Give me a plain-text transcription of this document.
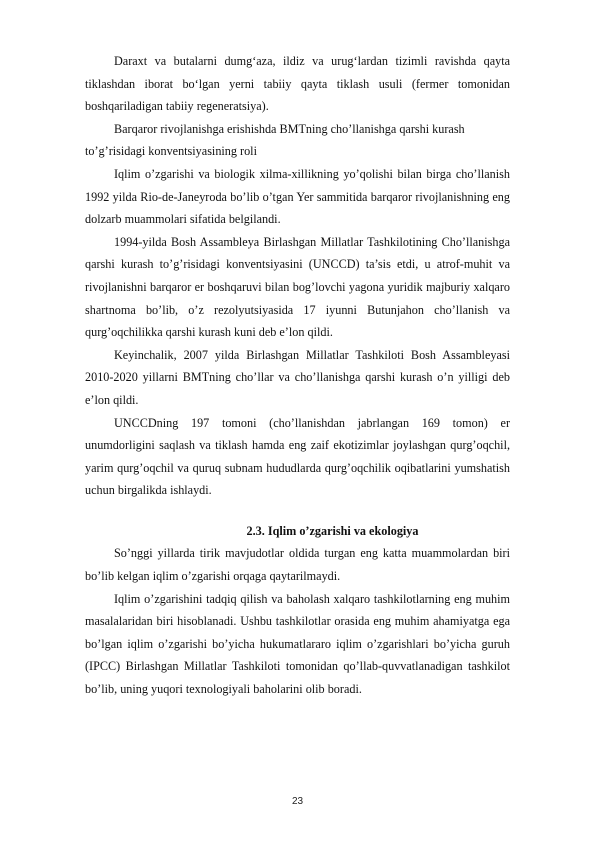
Daraxt va butalarni dumg‘aza, ildiz va urug‘lardan tizimli ravishda qayta tiklashdan iborat bo‘lgan yerni tabiiy qayta tiklash usuli (fermer tomonidan boshqariladigan tabiiy regeneratsiya).

Barqaror rivojlanishga erishishda BMTning cho’llanishga qarshi kurash to’g’risidagi konventsiyasining roli

Iqlim o’zgarishi va biologik xilma-xillikning yo’qolishi bilan birga cho’llanish 1992 yilda Rio-de-Janeyroda bo’lib o’tgan Yer sammitida barqaror rivojlanishning eng dolzarb muammolari sifatida belgilandi.

1994-yilda Bosh Assambleya Birlashgan Millatlar Tashkilotining Cho’llanishga qarshi kurash to’g’risidagi konventsiyasini (UNCCD) ta’sis etdi, u atrof-muhit va rivojlanishni barqaror er boshqaruvi bilan bog’lovchi yagona yuridik majburiy xalqaro shartnoma bo’lib, o’z rezolyutsiyasida 17 iyunni Butunjahon cho’llanish va qurg’oqchilikka qarshi kurash kuni deb e’lon qildi.

Keyinchalik, 2007 yilda Birlashgan Millatlar Tashkiloti Bosh Assambleyasi 2010-2020 yillarni BMTning cho’llar va cho’llanishga qarshi kurash o’n yilligi deb e’lon qildi.

UNCCDning 197 tomoni (cho’llanishdan jabrlangan 169 tomon) er unumdorligini saqlash va tiklash hamda eng zaif ekotizimlar joylashgan qurg’oqchil, yarim qurg’oqchil va quruq subnam hududlarda qurg’oqchilik oqibatlarini yumshatish uchun birgalikda ishlaydi.

2.3. Iqlim o’zgarishi va ekologiya

So’nggi yillarda tirik mavjudotlar oldida turgan eng katta muammolardan biri bo’lib kelgan iqlim o’zgarishi orqaga qaytarilmaydi.

Iqlim o’zgarishini tadqiq qilish va baholash xalqaro tashkilotlarning eng muhim masalalaridan biri hisoblanadi. Ushbu tashkilotlar orasida eng muhim ahamiyatga ega bo’lgan iqlim o’zgarishi bo’yicha hukumatlararo iqlim o’zgarishlari bo’yicha guruh (IPCC) Birlashgan Millatlar Tashkiloti tomonidan qo’llab-quvvatlanadigan tashkilot bo’lib, uning yuqori texnologiyali baholarini olib boradi.

23
